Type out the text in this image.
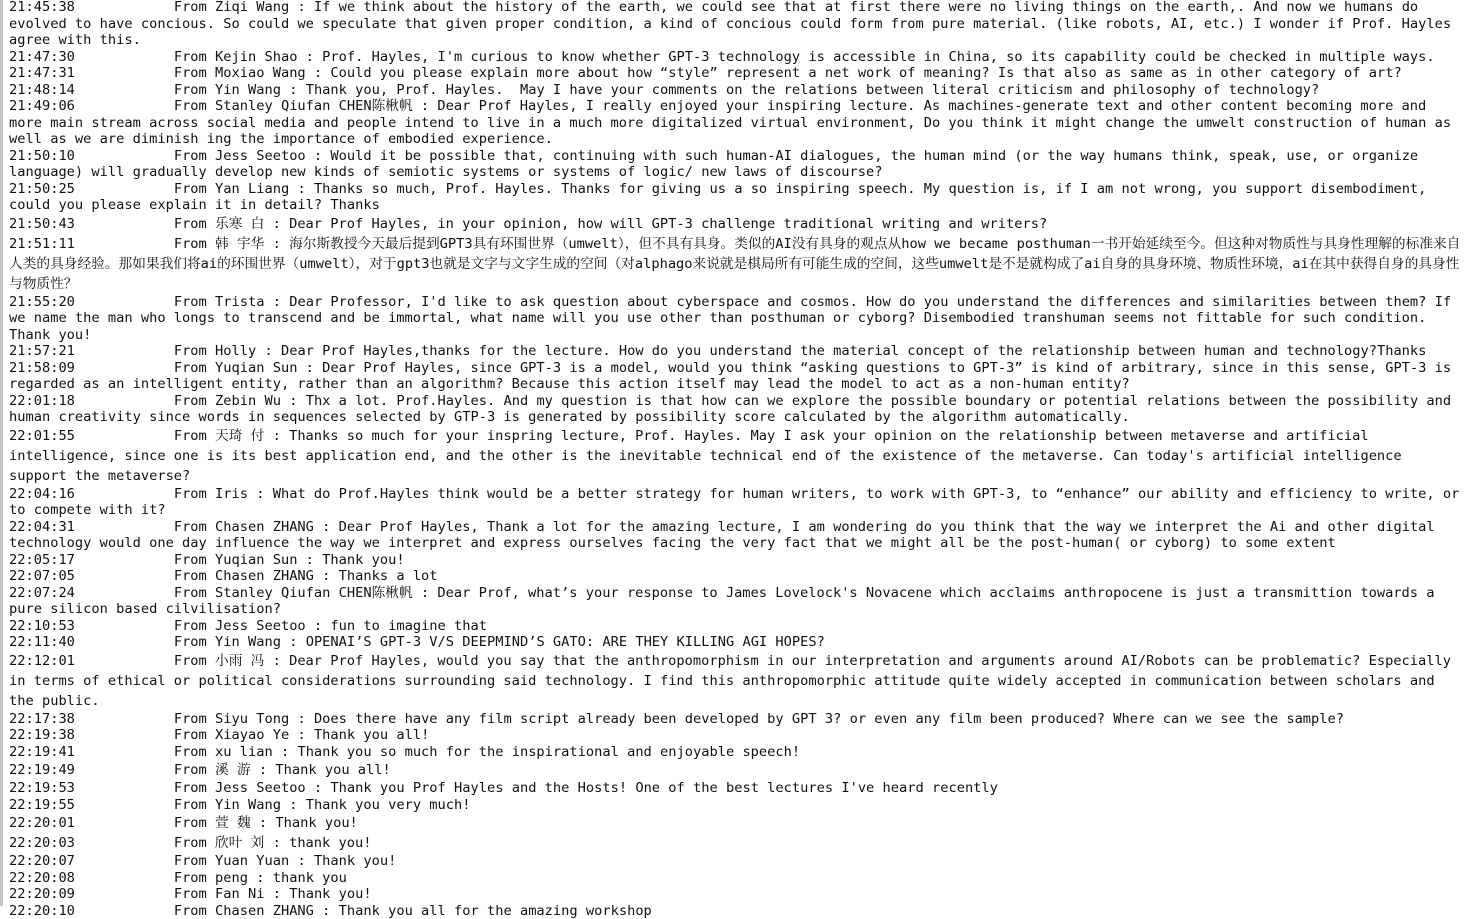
21:45:38            From Ziqi Wang : If we think about the history of the earth, we could see that at first there were no living things on the earth,. And now we humans do evolved to have concious. So could we speculate that given proper condition, a kind of concious could form from pure material. (like robots, AI, etc.) I wonder if Prof. Hayles agree with this.
21:47:30            From Kejin Shao : Prof. Hayles, I'm curious to know whether GPT-3 technology is accessible in China, so its capability could be checked in multiple ways.
21:47:31            From Moxiao Wang : Could you please explain more about how “style” represent a net work of meaning? Is that also as same as in other category of art?
21:48:14            From Yin Wang : Thank you, Prof. Hayles.  May I have your comments on the relations between literal criticism and philosophy of technology?
21:49:06            From Stanley Qiufan CHEN陈楸帆 : Dear Prof Hayles, I really enjoyed your inspiring lecture. As machines-generate text and other content becoming more and more main stream across social media and people intend to live in a much more digitalized virtual environment, Do you think it might change the umwelt construction of human as well as we are diminish ing the importance of embodied experience.
21:50:10            From Jess Seetoo : Would it be possible that, continuing with such human-AI dialogues, the human mind (or the way humans think, speak, use, or organize language) will gradually develop new kinds of semiotic systems or systems of logic/ new laws of discourse?
21:50:25            From Yan Liang : Thanks so much, Prof. Hayles. Thanks for giving us a so inspiring speech. My question is, if I am not wrong, you support disembodiment, could you please explain it in detail? Thanks
21:50:43            From 乐寒 白 : Dear Prof Hayles, in your opinion, how will GPT-3 challenge traditional writing and writers?
21:51:11            From 韩 宇华 : 海尔斯教授今天最后提到GPT3具有环围世界（umwelt），但不具有具身。类似的AI没有具身的观点从how we became posthuman一书开始延续至今。但这种对物质性与具身性理解的标准来自人类的具身经验。那如果我们将ai的环围世界（umwelt），对于gpt3也就是文字与文字生成的空间（对alphago来说就是棋局所有可能生成的空间，这些umwelt是不是就构成了ai自身的具身环境、物质性环境，ai在其中获得自身的具身性与物质性？
21:55:20            From Trista : Dear Professor, I'd like to ask question about cyberspace and cosmos. How do you understand the differences and similarities between them? If we name the man who longs to transcend and be immortal, what name will you use other than posthuman or cyborg? Disembodied transhuman seems not fittable for such condition. Thank you!
21:57:21            From Holly : Dear Prof Hayles,thanks for the lecture. How do you understand the material concept of the relationship between human and technology?Thanks
21:58:09            From Yuqian Sun : Dear Prof Hayles, since GPT-3 is a model, would you think “asking questions to GPT-3” is kind of arbitrary, since in this sense, GPT-3 is regarded as an intelligent entity, rather than an algorithm? Because this action itself may lead the model to act as a non-human entity?
22:01:18            From Zebin Wu : Thx a lot. Prof.Hayles. And my question is that how can we explore the possible boundary or potential relations between the possibility and human creativity since words in sequences selected by GTP-3 is generated by possibility score calculated by the algorithm automatically.
22:01:55            From 天琦 付 : Thanks so much for your inspring lecture, Prof. Hayles. May I ask your opinion on the relationship between metaverse and artificial intelligence, since one is its best application end, and the other is the inevitable technical end of the existence of the metaverse. Can today's artificial intelligence support the metaverse?
22:04:16            From Iris : What do Prof.Hayles think would be a better strategy for human writers, to work with GPT-3, to “enhance” our ability and efficiency to write, or to compete with it?
22:04:31            From Chasen ZHANG : Dear Prof Hayles, Thank a lot for the amazing lecture, I am wondering do you think that the way we interpret the Ai and other digital technology would one day influence the way we interpret and express ourselves facing the very fact that we might all be the post-human( or cyborg) to some extent
22:05:17            From Yuqian Sun : Thank you!
22:07:05            From Chasen ZHANG : Thanks a lot
22:07:24            From Stanley Qiufan CHEN陈楸帆 : Dear Prof, what’s your response to James Lovelock's Novacene which acclaims anthropocene is just a transmittion towards a pure silicon based cilvilisation?
22:10:53            From Jess Seetoo : fun to imagine that
22:11:40            From Yin Wang : OPENAI’S GPT-3 V/S DEEPMIND’S GATO: ARE THEY KILLING AGI HOPES?
22:12:01            From 小雨 冯 : Dear Prof Hayles, would you say that the anthropomorphism in our interpretation and arguments around AI/Robots can be problematic? Especially in terms of ethical or political considerations surrounding said technology. I find this anthropomorphic attitude quite widely accepted in communication between scholars and the public.
22:17:38            From Siyu Tong : Does there have any film script already been developed by GPT 3? or even any film been produced? Where can we see the sample?
22:19:38            From Xiayao Ye : Thank you all!
22:19:41            From xu lian : Thank you so much for the inspirational and enjoyable speech!
22:19:49            From 溪 游 : Thank you all!
22:19:53            From Jess Seetoo : Thank you Prof Hayles and the Hosts! One of the best lectures I've heard recently
22:19:55            From Yin Wang : Thank you very much!
22:20:01            From 萱 魏 : Thank you!
22:20:03            From 欣叶 刘 : thank you!
22:20:07            From Yuan Yuan : Thank you!
22:20:08            From peng : thank you
22:20:09            From Fan Ni : Thank you!
22:20:10            From Chasen ZHANG : Thank you all for the amazing workshop
